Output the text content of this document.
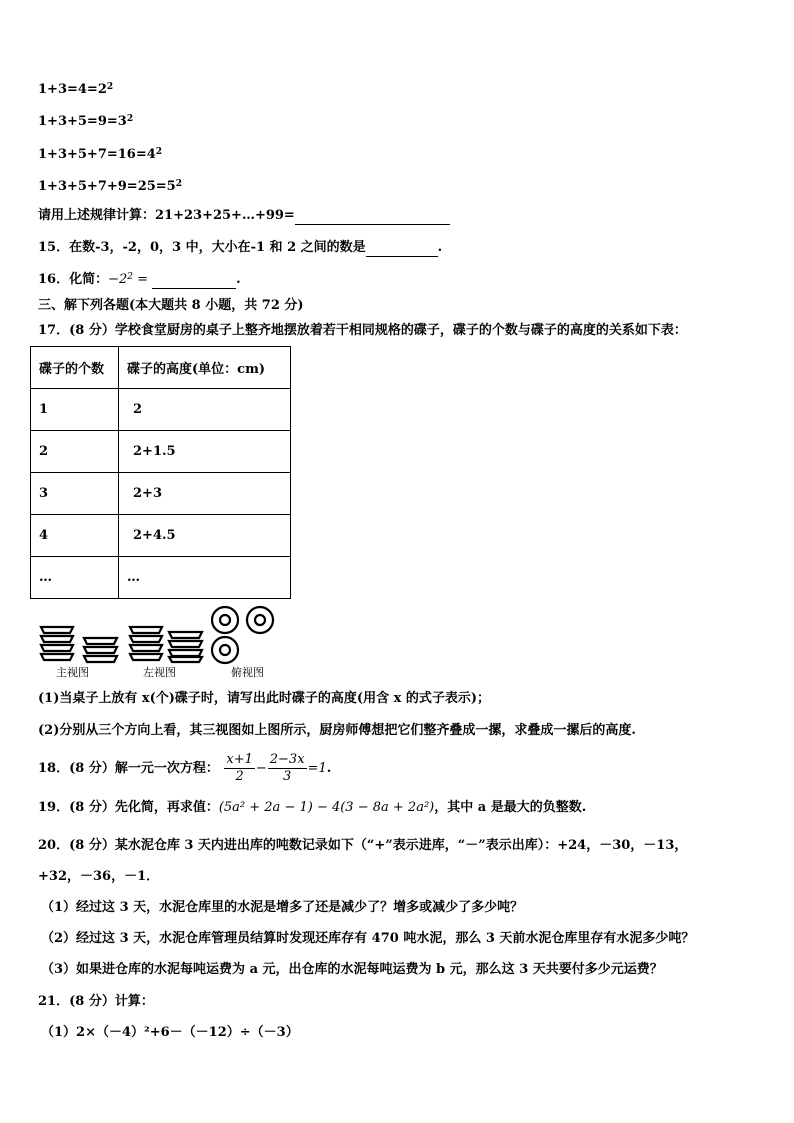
$1+3=4=2^2$
$1+3+5=9=3^2$
$1+3+5+7=16=4^2$
$1+3+5+7+9=25=5^2$
请用上述规律计算：21+23+25+…+99=
15．在数-3，-2，0，3 中，大小在-1 和 2 之间的数是	.
16．化简：$-2^2$ =	.
三、解下列各题(本大题共 8 小题，共 72 分)
17．(8 分）学校食堂厨房的桌子上整齐地摆放着若干相同规格的碟子，碟子的个数与碟子的高度的关系如下表：
碟子的个数	碟子的高度(单位：cm)
1	2
2	2+1.5
3	2+3
4	2+4.5
…	…
主视图	左视图	俯视图
(1)当桌子上放有 x(个)碟子时，请写出此时碟子的高度(用含 x 的式子表示)；
(2)分别从三个方向上看，其三视图如上图所示，厨房师傅想把它们整齐叠成一摞，求叠成一摞后的高度.
18．(8 分）解一元一次方程： $\frac{x+1}{2} - \frac{2-3x}{3} =1$.
19．(8 分）先化简，再求值：(5a² + 2a − 1) − 4(3 − 8a + 2a²)，其中 a 是最大的负整数.
20．(8 分）某水泥仓库 3 天内进出库的吨数记录如下（“+”表示进库，“－”表示出库）：+24，－30，－13，
+32，－36，－1．
（1）经过这 3 天，水泥仓库里的水泥是增多了还是减少了？增多或减少了多少吨？
（2）经过这 3 天，水泥仓库管理员结算时发现还库存有 470 吨水泥，那么 3 天前水泥仓库里存有水泥多少吨？
（3）如果进仓库的水泥每吨运费为 a 元，出仓库的水泥每吨运费为 b 元，那么这 3 天共要付多少元运费？
21．(8 分）计算：
（1）2×（－4）²+6－（－12）÷（－3）
